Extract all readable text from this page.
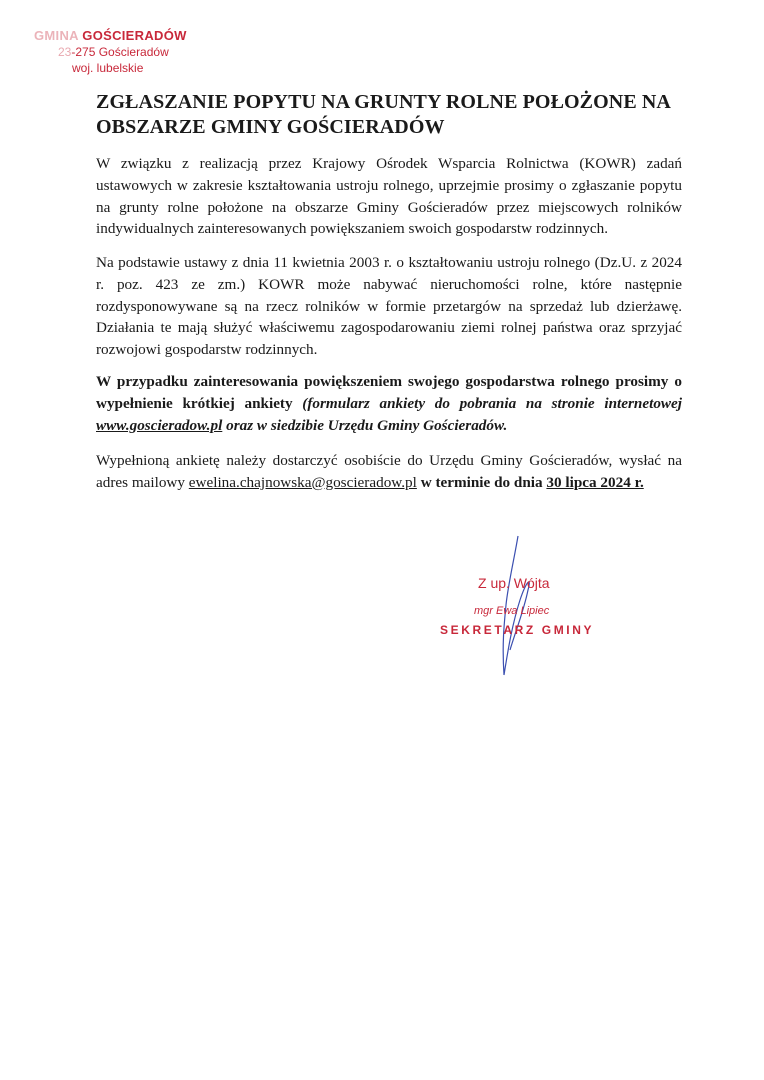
GMINA GOŚCIERADÓW
23-275 Gościeradów
woj. lubelskie
ZGŁASZANIE POPYTU NA GRUNTY ROLNE POŁOŻONE NA OBSZARZE GMINY GOŚCIERADÓW
W związku z realizacją przez Krajowy Ośrodek Wsparcia Rolnictwa (KOWR) zadań ustawowych w zakresie kształtowania ustroju rolnego, uprzejmie prosimy o zgłaszanie popytu na grunty rolne położone na obszarze Gminy Gościeradów przez miejscowych rolników indywidualnych zainteresowanych powiększaniem swoich gospodarstw rodzinnych.
Na podstawie ustawy z dnia 11 kwietnia 2003 r. o kształtowaniu ustroju rolnego (Dz.U. z 2024 r. poz. 423 ze zm.) KOWR może nabywać nieruchomości rolne, które następnie rozdysponowywane są na rzecz rolników w formie przetargów na sprzedaż lub dzierżawę. Działania te mają służyć właściwemu zagospodarowaniu ziemi rolnej państwa oraz sprzyjać rozwojowi gospodarstw rodzinnych.
W przypadku zainteresowania powiększeniem swojego gospodarstwa rolnego prosimy o wypełnienie krótkiej ankiety (formularz ankiety do pobrania na stronie internetowej www.goscieradow.pl oraz w siedzibie Urzędu Gminy Gościeradów.
Wypełnioną ankietę należy dostarczyć osobiście do Urzędu Gminy Gościeradów, wysłać na adres mailowy ewelina.chajnowska@goscieradow.pl w terminie do dnia 30 lipca 2024 r.
Z up. Wójta
mgr Ewa Lipiec
SEKRETARZ GMINY
